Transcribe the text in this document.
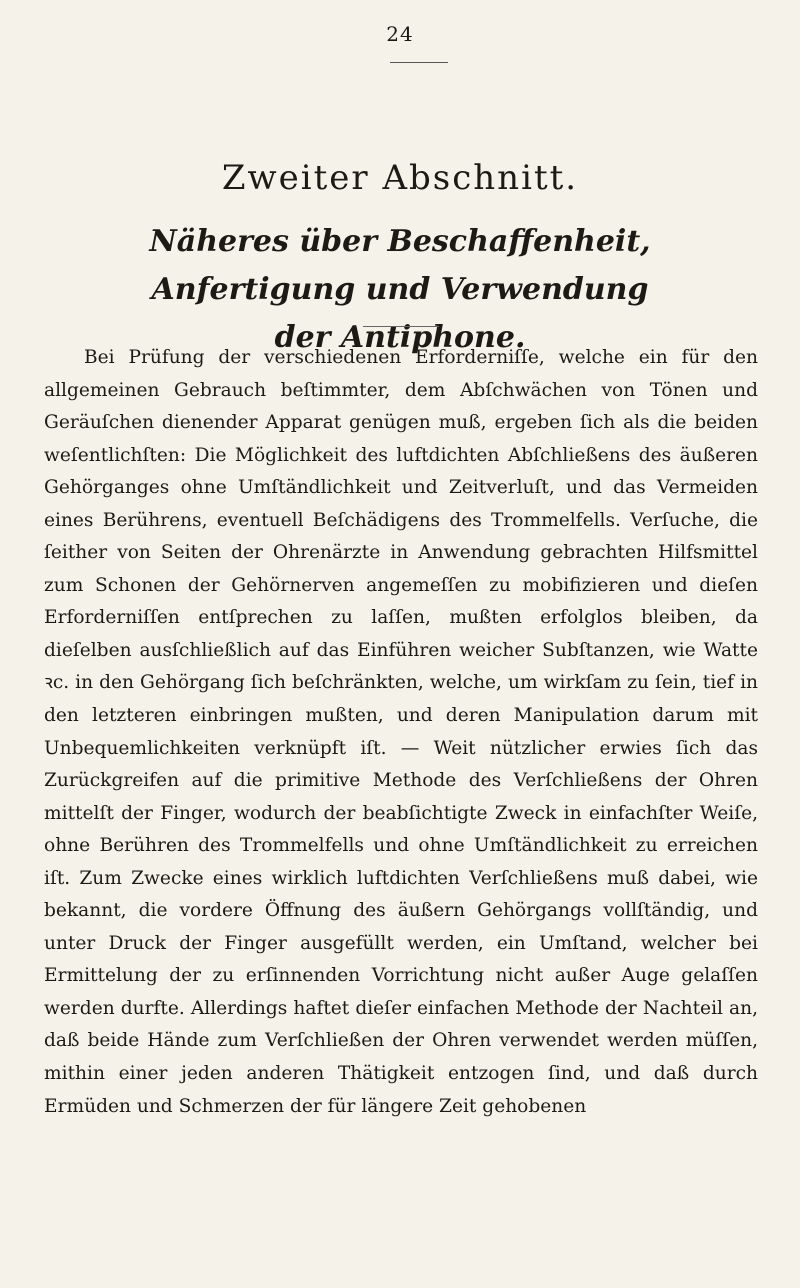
24
Zweiter Abschnitt.
Näheres über Beschaffenheit, Anfertigung und Verwendung der Antiphone.

Bei Prüfung der verschiedenen Erforderniſſe, welche ein für den allgemeinen Gebrauch beſtimmter, dem Abſchwächen von Tönen und Geräuſchen dienender Apparat genügen muß, ergeben ſich als die beiden weſentlichſten: Die Möglichkeit des luftdichten Abſchließens des äußeren Gehörganges ohne Umſtändlichkeit und Zeitverluſt, und das Vermeiden eines Berührens, eventuell Beſchädigens des Trommelfells. Verſuche, die ſeither von Seiten der Ohrenärzte in Anwendung gebrachten Hilfsmittel zum Schonen der Gehörnerven angemeſſen zu mobifizieren und dieſen Erforderniſſen entſprechen zu laſſen, mußten erfolglos bleiben, da dieſelben ausſchließlich auf das Einführen weicher Subſtanzen, wie Watte ꝛc. in den Gehörgang ſich beſchränkten, welche, um wirkſam zu ſein, tief in den letzteren einbringen mußten, und deren Manipulation darum mit Unbequemlichkeiten verknüpft iſt. — Weit nützlicher erwies ſich das Zurückgreifen auf die primitive Methode des Verſchließens der Ohren mittelſt der Finger, wodurch der beabſichtigte Zweck in einfachſter Weiſe, ohne Berühren des Trommelfells und ohne Umſtändlichkeit zu erreichen iſt. Zum Zwecke eines wirklich luftdichten Verſchließens muß dabei, wie bekannt, die vordere Öffnung des äußern Gehörgangs vollſtändig, und unter Druck der Finger ausgefüllt werden, ein Umſtand, welcher bei Ermittelung der zu erſinnenden Vorrichtung nicht außer Auge gelaſſen werden durfte. Allerdings haftet dieſer einfachen Methode der Nachteil an, daß beide Hände zum Verſchließen der Ohren verwendet werden müſſen, mithin einer jeden anderen Thätigkeit entzogen ſind, und daß durch Ermüden und Schmerzen der für längere Zeit gehobenen
